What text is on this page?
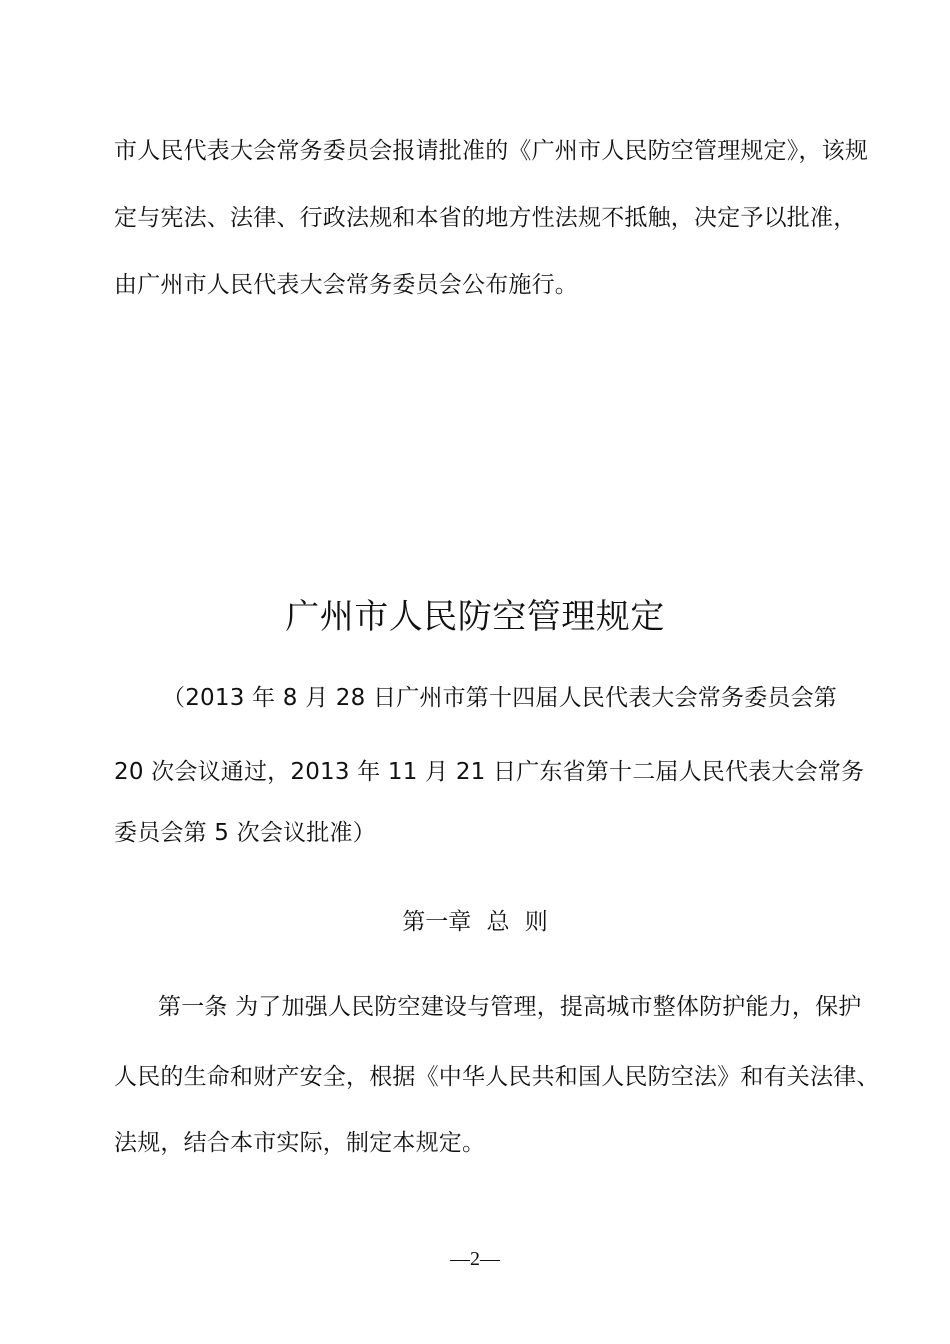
市人民代表大会常务委员会报请批准的《广州市人民防空管理规定》，该规
定与宪法、法律、行政法规和本省的地方性法规不抵触，决定予以批准，
由广州市人民代表大会常务委员会公布施行。
广州市人民防空管理规定
（2013 年 8 月 28 日广州市第十四届人民代表大会常务委员会第
20 次会议通过，2013 年 11 月 21 日广东省第十二届人民代表大会常务
委员会第 5 次会议批准）
第一章 总 则
第一条 为了加强人民防空建设与管理，提高城市整体防护能力，保护
人民的生命和财产安全，根据《中华人民共和国人民防空法》和有关法律、
法规，结合本市实际，制定本规定。
—2—
